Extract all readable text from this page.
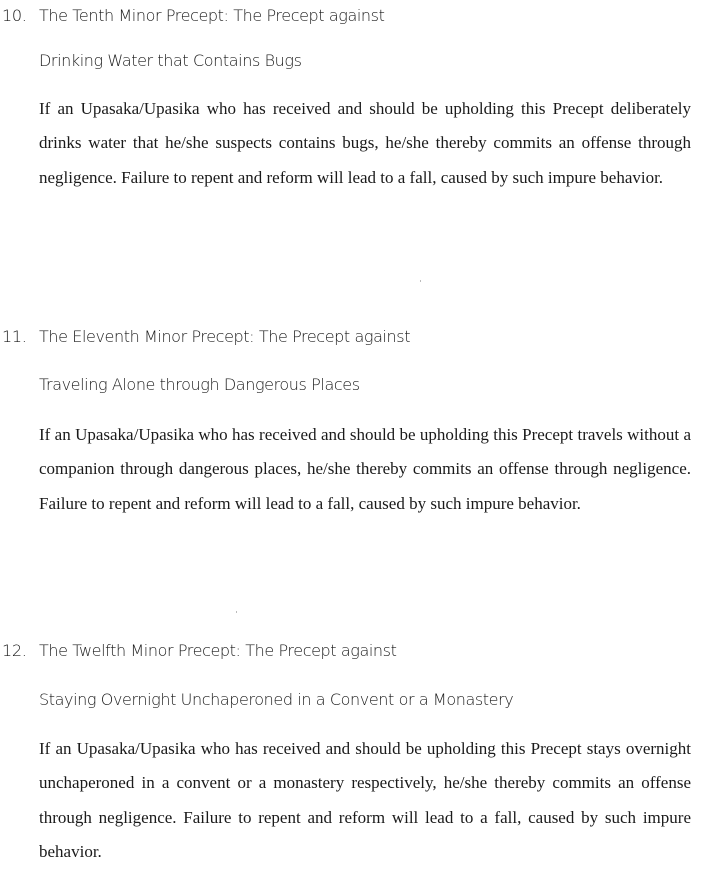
10. The Tenth Minor Precept: The Precept against
Drinking Water that Contains Bugs

If an Upasaka/Upasika who has received and should be upholding this Precept deliberately drinks water that he/she suspects contains bugs, he/she thereby commits an offense through negligence. Failure to repent and reform will lead to a fall, caused by such impure behavior.

11. The Eleventh Minor Precept: The Precept against
Traveling Alone through Dangerous Places

If an Upasaka/Upasika who has received and should be upholding this Precept travels without a companion through dangerous places, he/she thereby commits an offense through negligence. Failure to repent and reform will lead to a fall, caused by such impure behavior.

12. The Twelfth Minor Precept: The Precept against
Staying Overnight Unchaperoned in a Convent or a Monastery

If an Upasaka/Upasika who has received and should be upholding this Precept stays overnight unchaperoned in a convent or a monastery respectively, he/she thereby commits an offense through negligence. Failure to repent and reform will lead to a fall, caused by such impure behavior.
